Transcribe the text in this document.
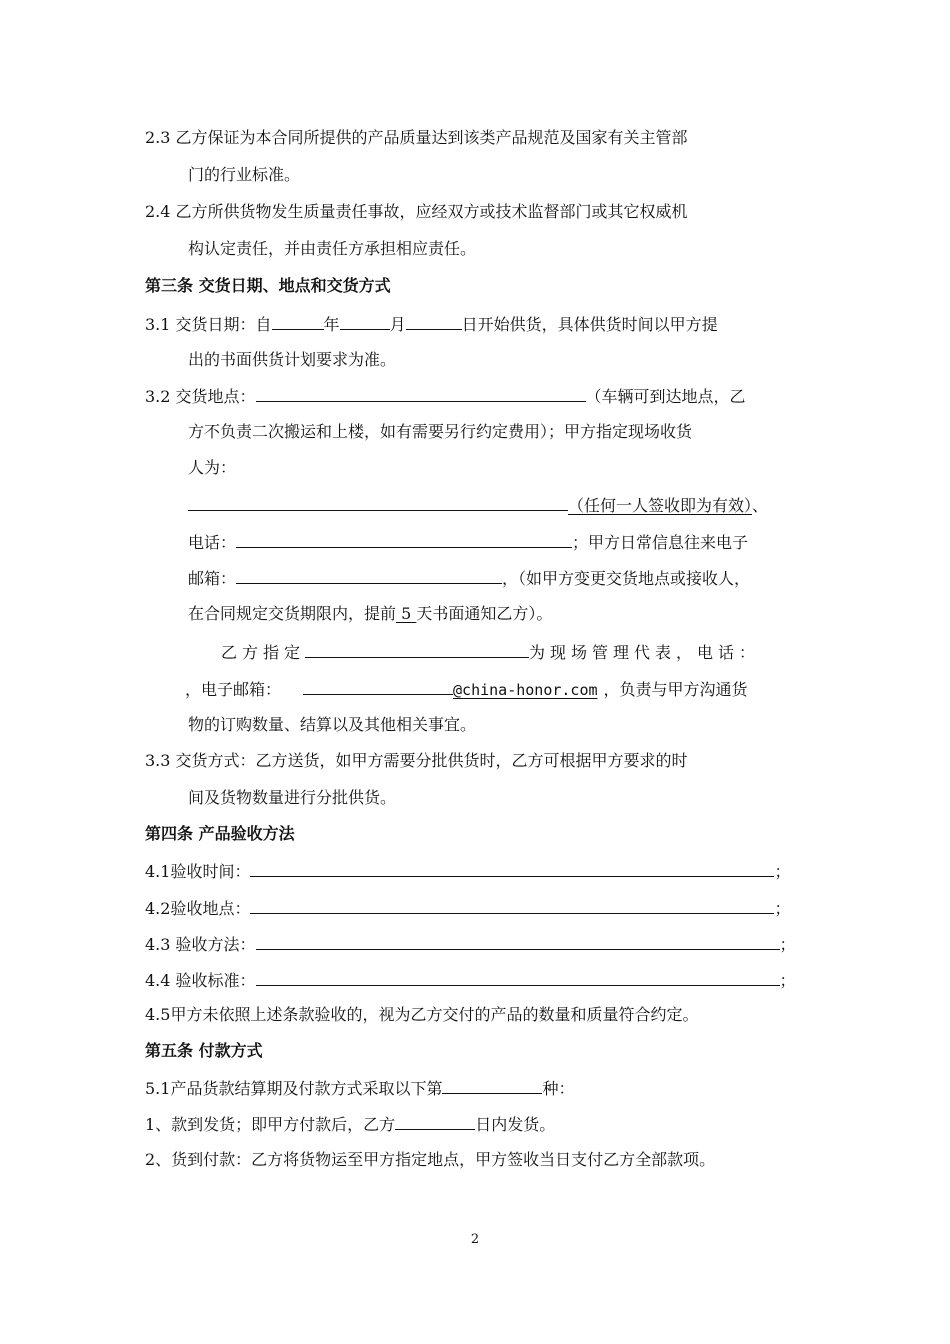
2.3 乙方保证为本合同所提供的产品质量达到该类产品规范及国家有关主管部
门的行业标准。
2.4 乙方所供货物发生质量责任事故，应经双方或技术监督部门或其它权威机
构认定责任，并由责任方承担相应责任。
第三条 交货日期、地点和交货方式
3.1 交货日期：自	年	月	日开始供货，具体供货时间以甲方提
出的书面供货计划要求为准。
3.2 交货地点：	（车辆可到达地点，乙
方不负责二次搬运和上楼，如有需要另行约定费用）；甲方指定现场收货
人为：
（任何一人签收即为有效）、
电话：	；甲方日常信息往来电子
邮箱：	，（如甲方变更交货地点或接收人，
在合同规定交货期限内，提前 5 天书面通知乙方）。
乙方指定	为现场管理代表，电话：
，电子邮箱：	@china-honor.com ，负责与甲方沟通货
物的订购数量、结算以及其他相关事宜。
3.3 交货方式：乙方送货，如甲方需要分批供货时，乙方可根据甲方要求的时
间及货物数量进行分批供货。
第四条 产品验收方法
4.1验收时间：	；
4.2验收地点：	；
4.3 验收方法：	；
4.4 验收标准：	；
4.5甲方未依照上述条款验收的，视为乙方交付的产品的数量和质量符合约定。
第五条 付款方式
5.1产品货款结算期及付款方式采取以下第	种：
1、款到发货；即甲方付款后，乙方	日内发货。
2、货到付款：乙方将货物运至甲方指定地点，甲方签收当日支付乙方全部款项。
2
